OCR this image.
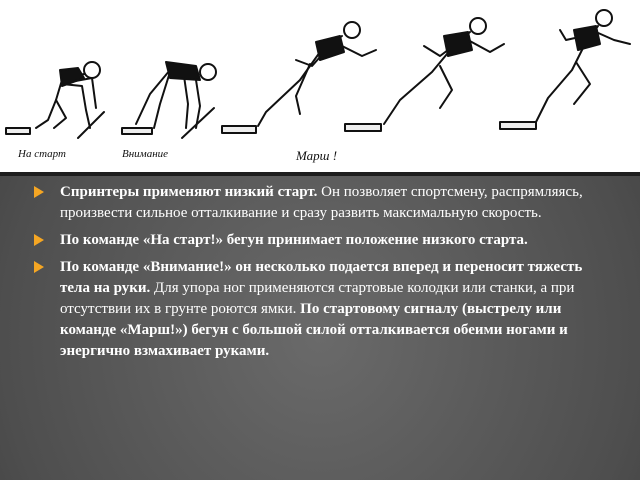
На старт	Внимание	Марш !
Спринтеры применяют низкий старт. Он позволяет спортсмену, распрямляясь, произвести сильное отталкивание и сразу развить максимальную скорость.
По команде «На старт!» бегун принимает положение низкого старта.
По команде «Внимание!» он несколько подается вперед и переносит тяжесть тела на руки. Для упора ног применяются стартовые колодки или станки, а при отсутствии их в грунте роются ямки. По стартовому сигналу (выстрелу или команде «Марш!») бегун с большой силой отталкивается обеими ногами и энергично взмахивает руками.
